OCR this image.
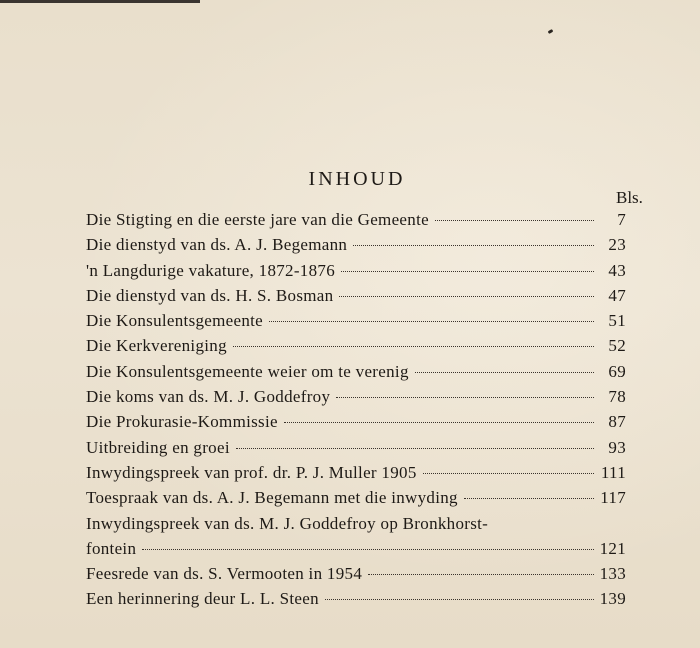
INHOUD
Bls.
Die Stigting en die eerste jare van die Gemeente	7
Die dienstyd van ds. A. J. Begemann	23
'n Langdurige vakature, 1872-1876	43
Die dienstyd van ds. H. S. Bosman	47
Die Konsulentsgemeente	51
Die Kerkvereniging	52
Die Konsulentsgemeente weier om te verenig	69
Die koms van ds. M. J. Goddefroy	78
Die Prokurasie-Kommissie	87
Uitbreiding en groei	93
Inwydingspreek van prof. dr. P. J. Muller 1905	111
Toespraak van ds. A. J. Begemann met die inwyding	117
Inwydingspreek van ds. M. J. Goddefroy op Bronkhorst-
fontein	121
Feesrede van ds. S. Vermooten in 1954	133
Een herinnering deur L. L. Steen	139
